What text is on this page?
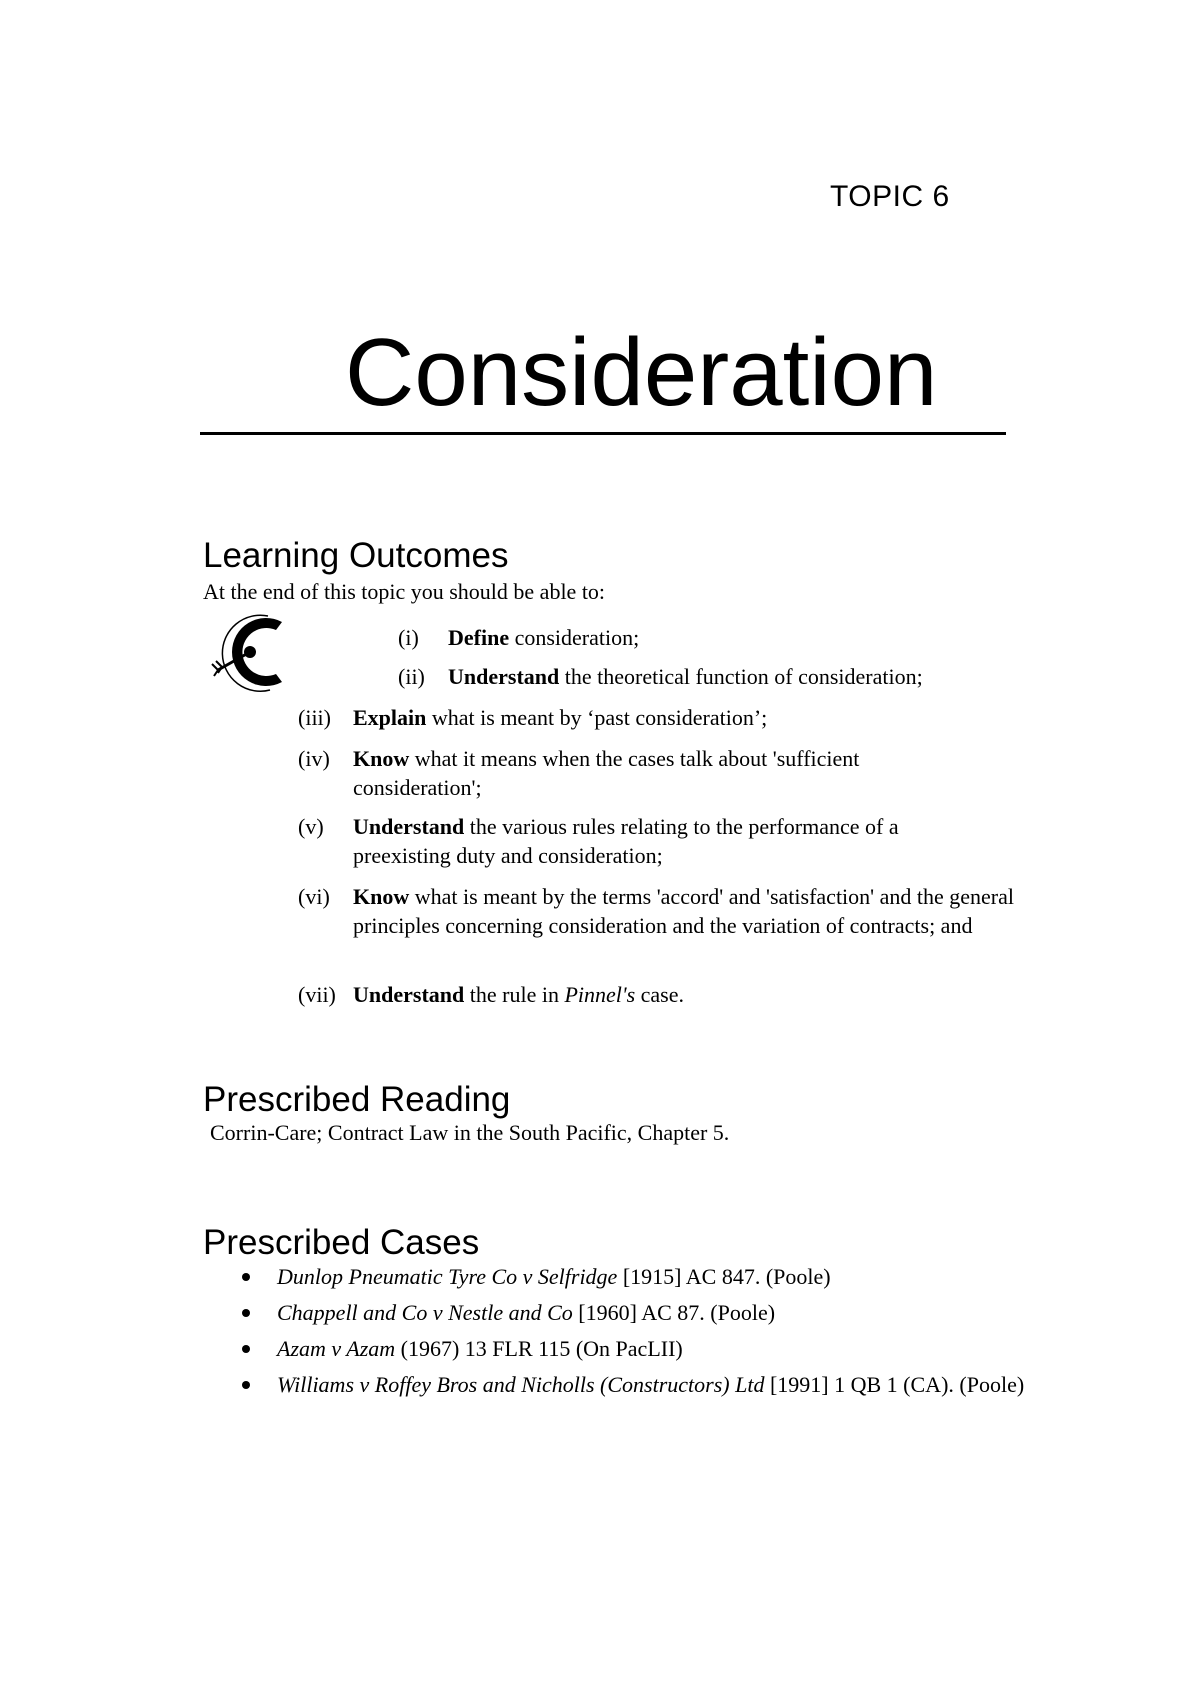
TOPIC 6
Consideration
Learning Outcomes
At the end of this topic you should be able to:
(i)	Define consideration;
(ii)	Understand the theoretical function of consideration;
(iii)	Explain what is meant by ‘past consideration’;
(iv)	Know what it means when the cases talk about 'sufficient consideration';
(v)	Understand the various rules relating to the performance of a preexisting duty and consideration;
(vi)	Know what is meant by the terms 'accord' and 'satisfaction' and the general principles concerning consideration and the variation of contracts; and
(vii) Understand the rule in Pinnel's case.
Prescribed Reading
Corrin-Care; Contract Law in the South Pacific, Chapter 5.
Prescribed Cases
Dunlop Pneumatic Tyre Co v Selfridge [1915] AC 847. (Poole)
Chappell and Co v Nestle and Co [1960] AC 87. (Poole)
Azam v Azam (1967) 13 FLR 115 (On PacLII)
Williams v Roffey Bros and Nicholls (Constructors) Ltd [1991] 1 QB 1 (CA). (Poole)
